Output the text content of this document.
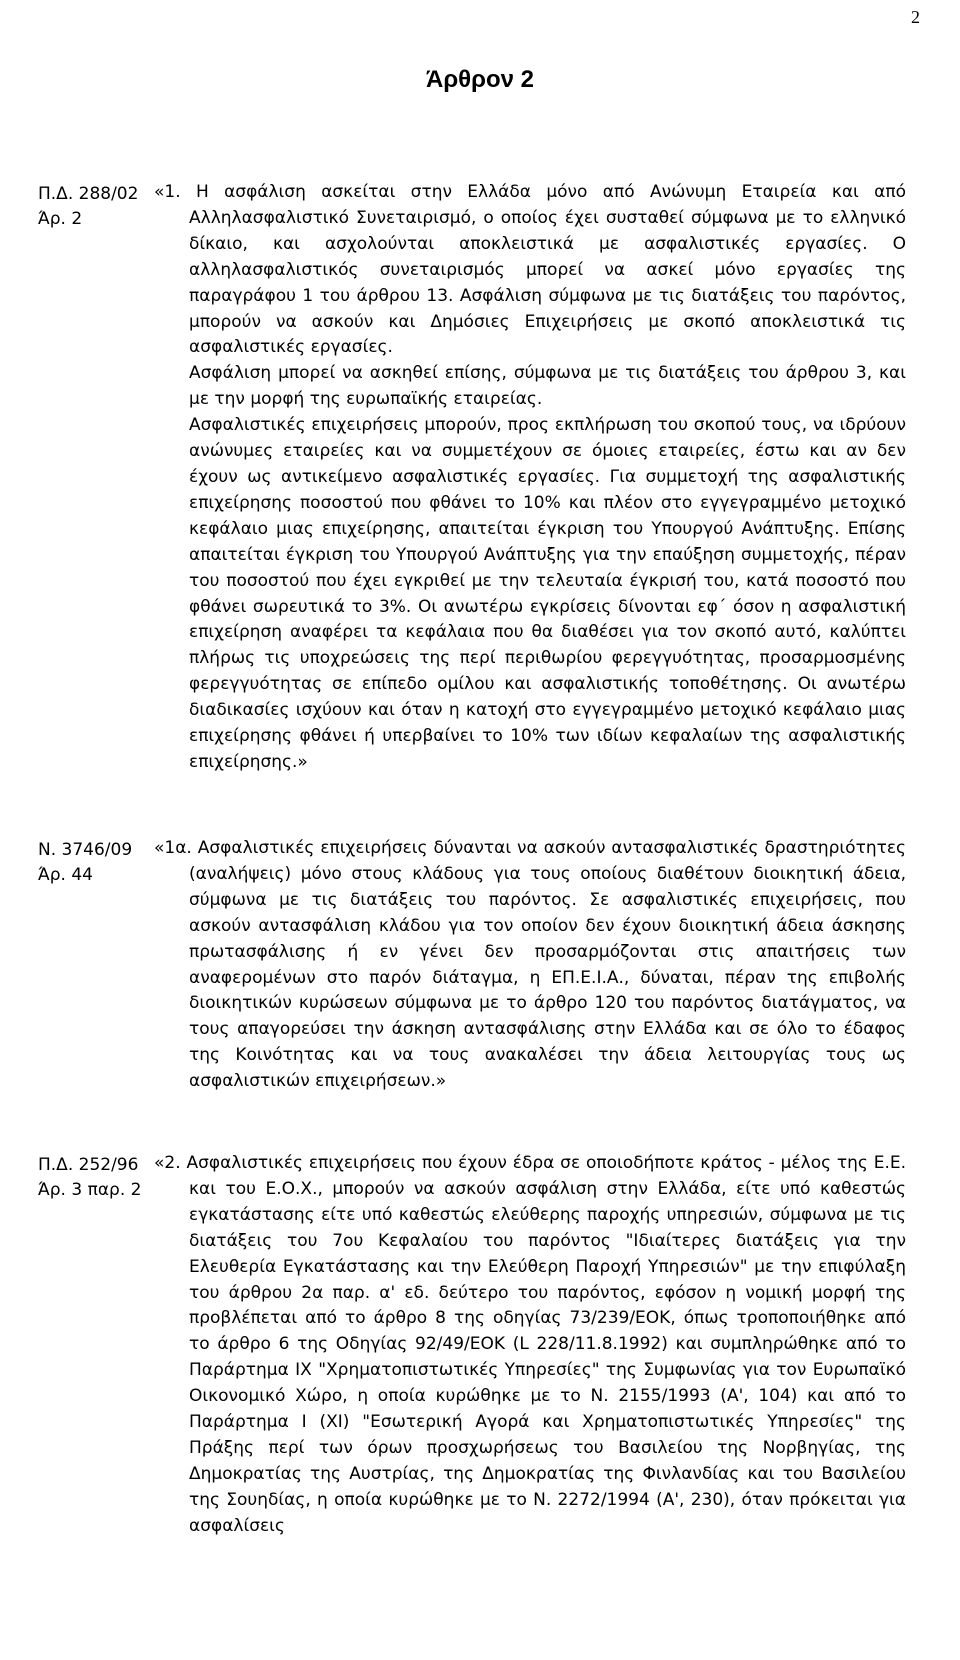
2
Άρθρον 2
Π.Δ. 288/02
Άρ. 2

«1. Η ασφάλιση ασκείται στην Ελλάδα μόνο από Ανώνυμη Εταιρεία και από Αλληλασφαλιστικό Συνεταιρισμό, ο οποίος έχει συσταθεί σύμφωνα με το ελληνικό δίκαιο, και ασχολούνται αποκλειστικά με ασφαλιστικές εργασίες. Ο αλληλασφαλιστικός συνεταιρισμός μπορεί να ασκεί μόνο εργασίες της παραγράφου 1 του άρθρου 13. Ασφάλιση σύμφωνα με τις διατάξεις του παρόντος, μπορούν να ασκούν και Δημόσιες Επιχειρήσεις με σκοπό αποκλειστικά τις ασφαλιστικές εργασίες.

Ασφάλιση μπορεί να ασκηθεί επίσης, σύμφωνα με τις διατάξεις του άρθρου 3, και με την μορφή της ευρωπαϊκής εταιρείας.

Ασφαλιστικές επιχειρήσεις μπορούν, προς εκπλήρωση του σκοπού τους, να ιδρύουν ανώνυμες εταιρείες και να συμμετέχουν σε όμοιες εταιρείες, έστω και αν δεν έχουν ως αντικείμενο ασφαλιστικές εργασίες. Για συμμετοχή της ασφαλιστικής επιχείρησης ποσοστού που φθάνει το 10% και πλέον στο εγγεγραμμένο μετοχικό κεφάλαιο μιας επιχείρησης, απαιτείται έγκριση του Υπουργού Ανάπτυξης. Επίσης απαιτείται έγκριση του Υπουργού Ανάπτυξης για την επαύξηση συμμετοχής, πέραν του ποσοστού που έχει εγκριθεί με την τελευταία έγκρισή του, κατά ποσοστό που φθάνει σωρευτικά το 3%. Οι ανωτέρω εγκρίσεις δίνονται εφ΄ όσον η ασφαλιστική επιχείρηση αναφέρει τα κεφάλαια που θα διαθέσει για τον σκοπό αυτό, καλύπτει πλήρως τις υποχρεώσεις της περί περιθωρίου φερεγγυότητας, προσαρμοσμένης φερεγγυότητας σε επίπεδο ομίλου και ασφαλιστικής τοποθέτησης. Οι ανωτέρω διαδικασίες ισχύουν και όταν η κατοχή στο εγγεγραμμένο μετοχικό κεφάλαιο μιας επιχείρησης φθάνει ή υπερβαίνει το 10% των ιδίων κεφαλαίων της ασφαλιστικής επιχείρησης.»

Ν. 3746/09
Άρ. 44

«1α. Ασφαλιστικές επιχειρήσεις δύνανται να ασκούν αντασφαλιστικές δραστηριότητες (αναλήψεις) μόνο στους κλάδους για τους οποίους διαθέτουν διοικητική άδεια, σύμφωνα με τις διατάξεις του παρόντος. Σε ασφαλιστικές επιχειρήσεις, που ασκούν αντασφάλιση κλάδου για τον οποίον δεν έχουν διοικητική άδεια άσκησης πρωτασφάλισης ή εν γένει δεν προσαρμόζονται στις απαιτήσεις των αναφερομένων στο παρόν διάταγμα, η ΕΠ.Ε.Ι.Α., δύναται, πέραν της επιβολής διοικητικών κυρώσεων σύμφωνα με το άρθρο 120 του παρόντος διατάγματος, να τους απαγορεύσει την άσκηση αντασφάλισης στην Ελλάδα και σε όλο το έδαφος της Κοινότητας και να τους ανακαλέσει την άδεια λειτουργίας τους ως ασφαλιστικών επιχειρήσεων.»

Π.Δ. 252/96
Άρ. 3 παρ. 2

«2. Ασφαλιστικές επιχειρήσεις που έχουν έδρα σε οποιοδήποτε κράτος - μέλος της Ε.Ε. και του Ε.Ο.Χ., μπορούν να ασκούν ασφάλιση στην Ελλάδα, είτε υπό καθεστώς εγκατάστασης είτε υπό καθεστώς ελεύθερης παροχής υπηρεσιών, σύμφωνα με τις διατάξεις του 7ου Κεφαλαίου του παρόντος "Ιδιαίτερες διατάξεις για την Ελευθερία Εγκατάστασης και την Ελεύθερη Παροχή Υπηρεσιών" με την επιφύλαξη του άρθρου 2α παρ. α' εδ. δεύτερο του παρόντος, εφόσον η νομική μορφή της προβλέπεται από το άρθρο 8 της οδηγίας 73/239/ΕΟΚ, όπως τροποποιήθηκε από το άρθρο 6 της Οδηγίας 92/49/ΕΟΚ (L 228/11.8.1992) και συμπληρώθηκε από το Παράρτημα IX "Χρηματοπιστωτικές Υπηρεσίες" της Συμφωνίας για τον Ευρωπαϊκό Οικονομικό Χώρο, η οποία κυρώθηκε με το Ν. 2155/1993 (Α', 104) και από το Παράρτημα Ι (ΧΙ) "Εσωτερική Αγορά και Χρηματοπιστωτικές Υπηρεσίες" της Πράξης περί των όρων προσχωρήσεως του Βασιλείου της Νορβηγίας, της Δημοκρατίας της Αυστρίας, της Δημοκρατίας της Φινλανδίας και του Βασιλείου της Σουηδίας, η οποία κυρώθηκε με το Ν. 2272/1994 (Α', 230), όταν πρόκειται για ασφαλίσεις
